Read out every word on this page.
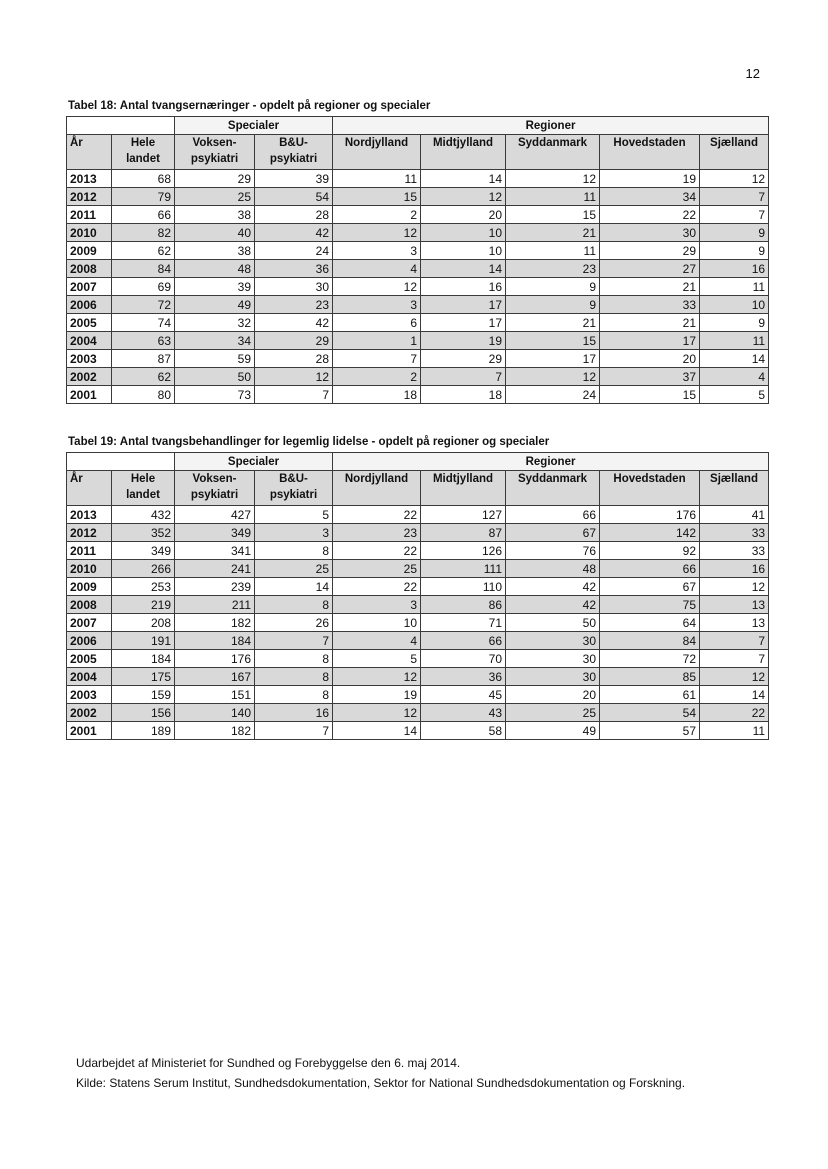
12
Tabel 18: Antal tvangsernæringer - opdelt på regioner og specialer
		Specialer		Regioner				
År	Hele landet	Voksen- psykiatri	B&U- psykiatri	Nordjylland	Midtjylland	Syddanmark	Hovedstaden	Sjælland
2013	68	29	39	11	14	12	19	12
2012	79	25	54	15	12	11	34	7
2011	66	38	28	2	20	15	22	7
2010	82	40	42	12	10	21	30	9
2009	62	38	24	3	10	11	29	9
2008	84	48	36	4	14	23	27	16
2007	69	39	30	12	16	9	21	11
2006	72	49	23	3	17	9	33	10
2005	74	32	42	6	17	21	21	9
2004	63	34	29	1	19	15	17	11
2003	87	59	28	7	29	17	20	14
2002	62	50	12	2	7	12	37	4
2001	80	73	7	18	18	24	15	5
Tabel 19: Antal tvangsbehandlinger for legemlig lidelse - opdelt på regioner og specialer
		Specialer		Regioner				
År	Hele landet	Voksen- psykiatri	B&U- psykiatri	Nordjylland	Midtjylland	Syddanmark	Hovedstaden	Sjælland
2013	432	427	5	22	127	66	176	41
2012	352	349	3	23	87	67	142	33
2011	349	341	8	22	126	76	92	33
2010	266	241	25	25	111	48	66	16
2009	253	239	14	22	110	42	67	12
2008	219	211	8	3	86	42	75	13
2007	208	182	26	10	71	50	64	13
2006	191	184	7	4	66	30	84	7
2005	184	176	8	5	70	30	72	7
2004	175	167	8	12	36	30	85	12
2003	159	151	8	19	45	20	61	14
2002	156	140	16	12	43	25	54	22
2001	189	182	7	14	58	49	57	11
Udarbejdet af Ministeriet for Sundhed og Forebyggelse den 6. maj 2014.
Kilde: Statens Serum Institut, Sundhedsdokumentation, Sektor for National Sundhedsdokumentation og Forskning.
